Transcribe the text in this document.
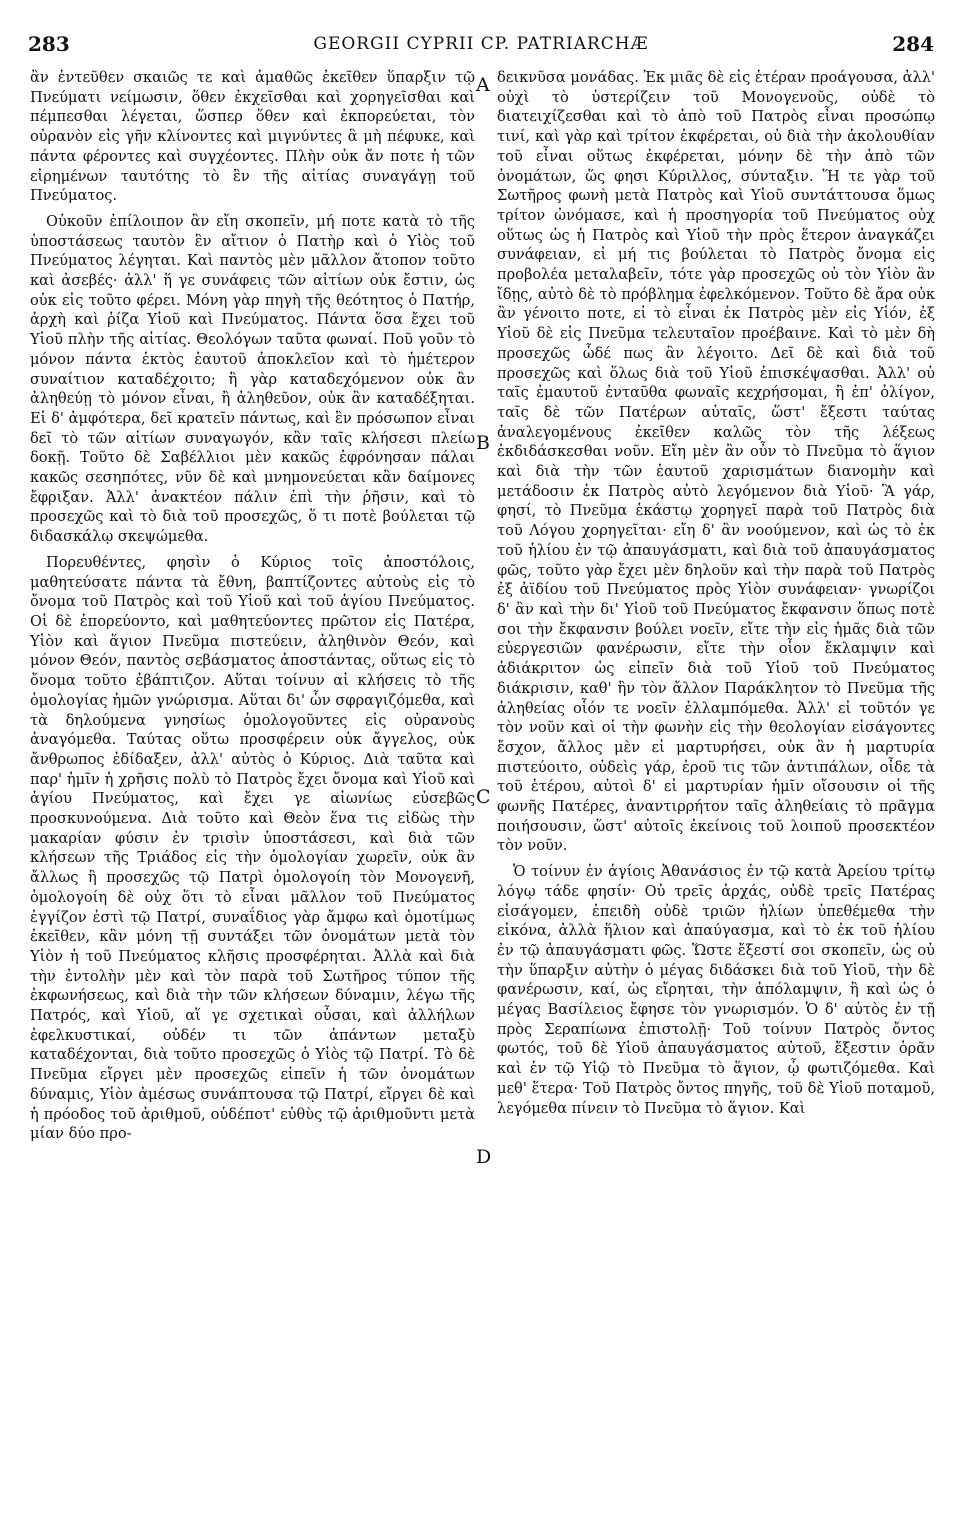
283	GEORGII CYPRII CP. PATRIARCHÆ	284

ἂν ἐντεῦθεν σκαιῶς τε καὶ ἀμαθῶς ἐκεῖθεν ὕπαρξιν τῷ Πνεύματι νείμωσιν, ὅθεν ἐκχεῖσθαι καὶ χορηγεῖσθαι καὶ πέμπεσθαι λέγεται, ὥσπερ ὅθεν καὶ ἐκπορεύεται, τὸν οὐρανὸν εἰς γῆν κλίνοντες καὶ μιγνύντες ἃ μὴ πέφυκε, καὶ πάντα φέροντες καὶ συγχέοντες. Πλὴν οὐκ ἄν ποτε ἡ τῶν εἰρημένων ταυτότης τὸ ἓν τῆς αἰτίας συναγάγῃ τοῦ Πνεύματος.

Οὐκοῦν ἐπίλοιπον ἂν εἴη σκοπεῖν, μή ποτε κατὰ τὸ τῆς ὑποστάσεως ταυτὸν ἓν αἴτιον ὁ Πατὴρ καὶ ὁ Υἱὸς τοῦ Πνεύματος λέγηται. Καὶ παντὸς μὲν μᾶλλον ἄτοπον τοῦτο καὶ ἀσεβές· ἀλλ' ἥ γε συνάφεις τῶν αἰτίων οὐκ ἔστιν, ὡς οὐκ εἰς τοῦτο φέρει. Μόνη γὰρ πηγὴ τῆς θεότητος ὁ Πατήρ, ἀρχὴ καὶ ῥίζα Υἱοῦ καὶ Πνεύματος. Πάντα ὅσα ἔχει τοῦ Υἱοῦ πλὴν τῆς αἰτίας. Θεολόγων ταῦτα φωναί. Ποῦ γοῦν τὸ μόνον πάντα ἐκτὸς ἑαυτοῦ ἀποκλεῖον καὶ τὸ ἡμέτερον συναίτιον καταδέχοιτο; ἢ γὰρ καταδεχόμενον οὐκ ἂν ἀληθεύῃ τὸ μόνον εἶναι, ἢ ἀληθεῦον, οὐκ ἂν καταδέξηται. Εἰ δ' ἀμφότερα, δεῖ κρατεῖν πάντως, καὶ ἓν πρόσωπον εἶναι δεῖ τὸ τῶν αἰτίων συναγωγόν, κἂν ταῖς κλήσεσι πλείω δοκῇ. Τοῦτο δὲ Σαβέλλιοι μὲν κακῶς ἐφρόνησαν πάλαι κακῶς σεσηπότες, νῦν δὲ καὶ μνημονεύεται κἂν δαίμονες ἔφριξαν. Ἀλλ' ἀνακτέον πάλιν ἐπὶ τὴν ῥῆσιν, καὶ τὸ προσεχῶς καὶ τὸ διὰ τοῦ προσεχῶς, ὅ τι ποτὲ βούλεται τῷ διδασκάλῳ σκεψώμεθα.

Πορευθέντες, φησὶν ὁ Κύριος τοῖς ἀποστόλοις, μαθητεύσατε πάντα τὰ ἔθνη, βαπτίζοντες αὐτοὺς εἰς τὸ ὄνομα τοῦ Πατρὸς καὶ τοῦ Υἱοῦ καὶ τοῦ ἁγίου Πνεύματος. Οἱ δὲ ἐπορεύοντο, καὶ μαθητεύοντες πρῶτον εἰς Πατέρα, Υἱὸν καὶ ἅγιον Πνεῦμα πιστεύειν, ἀληθινὸν Θεόν, καὶ μόνον Θεόν, παντὸς σεβάσματος ἀποστάντας, οὕτως εἰς τὸ ὄνομα τοῦτο ἐβάπτιζον. Αὕται τοίνυν αἱ κλήσεις τὸ τῆς ὁμολογίας ἡμῶν γνώρισμα. Αὕται δι' ὧν σφραγιζόμεθα, καὶ τὰ δηλούμενα γνησίως ὁμολογοῦντες εἰς οὐρανοὺς ἀναγόμεθα. Ταύτας οὕτω προσφέρειν οὐκ ἄγγελος, οὐκ ἄνθρωπος ἐδίδαξεν, ἀλλ' αὐτὸς ὁ Κύριος. Διὰ ταῦτα καὶ παρ' ἡμῖν ἡ χρῆσις πολὺ τὸ Πατρὸς ἔχει ὄνομα καὶ Υἱοῦ καὶ ἁγίου Πνεύματος, καὶ ἔχει γε αἰωνίως εὐσεβῶς προσκυνούμενα. Διὰ τοῦτο καὶ Θεὸν ἕνα τις εἰδὼς τὴν μακαρίαν φύσιν ἐν τρισὶν ὑποστάσεσι, καὶ διὰ τῶν κλήσεων τῆς Τριάδος εἰς τὴν ὁμολογίαν χωρεῖν, οὐκ ἂν ἄλλως ἢ προσεχῶς τῷ Πατρὶ ὁμολογοίη τὸν Μονογενῆ, ὁμολογοίη δὲ οὐχ ὅτι τὸ εἶναι μᾶλλον τοῦ Πνεύματος ἐγγίζον ἐστὶ τῷ Πατρί, συναΐδιος γὰρ ἄμφω καὶ ὁμοτίμως ἐκεῖθεν, κἂν μόνη τῇ συντάξει τῶν ὀνομάτων μετὰ τὸν Υἱὸν ἡ τοῦ Πνεύματος κλῆσις προσφέρηται. Ἀλλὰ καὶ διὰ τὴν ἐντολὴν μὲν καὶ τὸν παρὰ τοῦ Σωτῆρος τύπον τῆς ἐκφωνήσεως, καὶ διὰ τὴν τῶν κλήσεων δύναμιν, λέγω τῆς Πατρός, καὶ Υἱοῦ, αἵ γε σχετικαὶ οὖσαι, καὶ ἀλλήλων ἐφελκυστικαί, οὐδέν τι τῶν ἁπάντων μεταξὺ καταδέχονται, διὰ τοῦτο προσεχῶς ὁ Υἱὸς τῷ Πατρί. Τὸ δὲ Πνεῦμα εἴργει μὲν προσεχῶς εἰπεῖν ἡ τῶν ὀνομάτων δύναμις, Υἱὸν ἀμέσως συνάπτουσα τῷ Πατρί, εἴργει δὲ καὶ ἡ πρόοδος τοῦ ἀριθμοῦ, οὐδέποτ' εὐθὺς τῷ ἀριθμοῦντι μετὰ μίαν δύο προ-

A
B
C
D

δεικνῦσα μονάδας. Ἐκ μιᾶς δὲ εἰς ἑτέραν προάγουσα, ἀλλ' οὐχὶ τὸ ὑστερίζειν τοῦ Μονογενοῦς, οὐδὲ τὸ διατειχίζεσθαι καὶ τὸ ἀπὸ τοῦ Πατρὸς εἶναι προσώπῳ τινί, καὶ γὰρ καὶ τρίτον ἐκφέρεται, οὐ διὰ τὴν ἀκολουθίαν τοῦ εἶναι οὕτως ἐκφέρεται, μόνην δὲ τὴν ἀπὸ τῶν ὀνομάτων, ὥς φησι Κύριλλος, σύνταξιν. Ἥ τε γὰρ τοῦ Σωτῆρος φωνὴ μετὰ Πατρὸς καὶ Υἱοῦ συντάττουσα ὅμως τρίτον ὠνόμασε, καὶ ἡ προσηγορία τοῦ Πνεύματος οὐχ οὕτως ὡς ἡ Πατρὸς καὶ Υἱοῦ τὴν πρὸς ἕτερον ἀναγκάζει συνάφειαν, εἰ μή τις βούλεται τὸ Πατρὸς ὄνομα εἰς προβολέα μεταλαβεῖν, τότε γὰρ προσεχῶς οὐ τὸν Υἱὸν ἂν ἴδῃς, αὐτὸ δὲ τὸ πρόβλημα ἐφελκόμενον. Τοῦτο δὲ ἄρα οὐκ ἂν γένοιτο ποτε, εἰ τὸ εἶναι ἐκ Πατρὸς μὲν εἰς Υἱόν, ἐξ Υἱοῦ δὲ εἰς Πνεῦμα τελευταῖον προέβαινε. Καὶ τὸ μὲν δὴ προσεχῶς ὧδέ πως ἂν λέγοιτο. Δεῖ δὲ καὶ διὰ τοῦ προσεχῶς καὶ ὅλως διὰ τοῦ Υἱοῦ ἐπισκέψασθαι. Ἀλλ' οὐ ταῖς ἐμαυτοῦ ἐνταῦθα φωναῖς κεχρήσομαι, ἢ ἐπ' ὀλίγον, ταῖς δὲ τῶν Πατέρων αὐταῖς, ὥστ' ἔξεστι ταύτας ἀναλεγομένους ἐκεῖθεν καλῶς τὸν τῆς λέξεως ἐκδιδάσκεσθαι νοῦν. Εἴη μὲν ἂν οὖν τὸ Πνεῦμα τὸ ἅγιον καὶ διὰ τὴν τῶν ἑαυτοῦ χαρισμάτων διανομὴν καὶ μετάδοσιν ἐκ Πατρὸς αὐτὸ λεγόμενον διὰ Υἱοῦ· Ἃ γάρ, φησί, τὸ Πνεῦμα ἑκάστῳ χορηγεῖ παρὰ τοῦ Πατρὸς διὰ τοῦ Λόγου χορηγεῖται· εἴη δ' ἂν νοούμενον, καὶ ὡς τὸ ἐκ τοῦ ἡλίου ἐν τῷ ἀπαυγάσματι, καὶ διὰ τοῦ ἀπαυγάσματος φῶς, τοῦτο γὰρ ἔχει μὲν δηλοῦν καὶ τὴν παρὰ τοῦ Πατρὸς ἐξ ἀϊδίου τοῦ Πνεύματος πρὸς Υἱὸν συνάφειαν· γνωρίζοι δ' ἂν καὶ τὴν δι' Υἱοῦ τοῦ Πνεύματος ἔκφανσιν ὅπως ποτὲ σοι τὴν ἔκφανσιν βούλει νοεῖν, εἴτε τὴν εἰς ἡμᾶς διὰ τῶν εὐεργεσιῶν φανέρωσιν, εἴτε τὴν οἷον ἔκλαμψιν καὶ ἀδιάκριτον ὡς εἰπεῖν διὰ τοῦ Υἱοῦ τοῦ Πνεύματος διάκρισιν, καθ' ἣν τὸν ἄλλον Παράκλητον τὸ Πνεῦμα τῆς ἀληθείας οἷόν τε νοεῖν ἐλλαμπόμεθα. Ἀλλ' εἰ τοῦτόν γε τὸν νοῦν καὶ οἱ τὴν φωνὴν εἰς τὴν θεολογίαν εἰσάγοντες ἔσχον, ἄλλος μὲν εἰ μαρτυρήσει, οὐκ ἂν ἡ μαρτυρία πιστεύοιτο, οὐδεὶς γάρ, ἐροῦ τις τῶν ἀντιπάλων, οἶδε τὰ τοῦ ἑτέρου, αὐτοὶ δ' εἰ μαρτυρίαν ἡμῖν οἴσουσιν οἱ τῆς φωνῆς Πατέρες, ἀναντιρρήτον ταῖς ἀληθείαις τὸ πρᾶγμα ποιήσουσιν, ὥστ' αὐτοῖς ἐκείνοις τοῦ λοιποῦ προσεκτέον τὸν νοῦν.

Ὁ τοίνυν ἐν ἁγίοις Ἀθανάσιος ἐν τῷ κατὰ Ἀρείου τρίτῳ λόγῳ τάδε φησίν· Οὐ τρεῖς ἀρχάς, οὐδὲ τρεῖς Πατέρας εἰσάγομεν, ἐπειδὴ οὐδὲ τριῶν ἡλίων ὑπεθέμεθα τὴν εἰκόνα, ἀλλὰ ἥλιον καὶ ἀπαύγασμα, καὶ τὸ ἐκ τοῦ ἡλίου ἐν τῷ ἀπαυγάσματι φῶς. Ὥστε ἔξεστί σοι σκοπεῖν, ὡς οὐ τὴν ὕπαρξιν αὐτὴν ὁ μέγας διδάσκει διὰ τοῦ Υἱοῦ, τὴν δὲ φανέρωσιν, καί, ὡς εἴρηται, τὴν ἀπόλαμψιν, ἢ καὶ ὡς ὁ μέγας Βασίλειος ἔφησε τὸν γνωρισμόν. Ὁ δ' αὐτὸς ἐν τῇ πρὸς Σεραπίωνα ἐπιστολῇ· Τοῦ τοίνυν Πατρὸς ὄντος φωτός, τοῦ δὲ Υἱοῦ ἀπαυγάσματος αὐτοῦ, ἔξεστιν ὁρᾶν καὶ ἐν τῷ Υἱῷ τὸ Πνεῦμα τὸ ἅγιον, ᾧ φωτιζόμεθα. Καὶ μεθ' ἕτερα· Τοῦ Πατρὸς ὄντος πηγῆς, τοῦ δὲ Υἱοῦ ποταμοῦ, λεγόμεθα πίνειν τὸ Πνεῦμα τὸ ἅγιον. Καὶ
